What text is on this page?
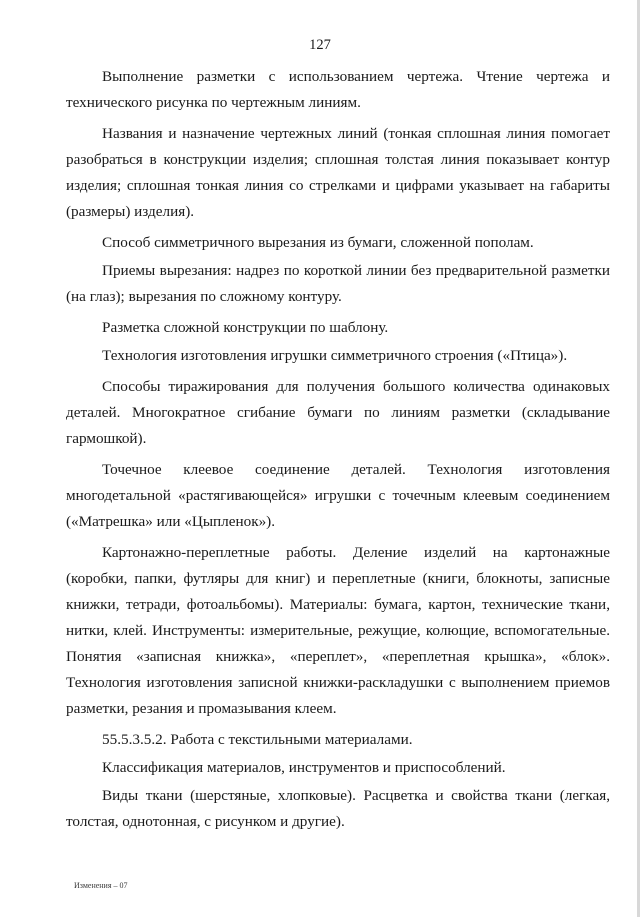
127

Выполнение разметки с использованием чертежа. Чтение чертежа и технического рисунка по чертежным линиям.

Названия и назначение чертежных линий (тонкая сплошная линия помогает разобраться в конструкции изделия; сплошная толстая линия показывает контур изделия; сплошная тонкая линия со стрелками и цифрами указывает на габариты (размеры) изделия).

Способ симметричного вырезания из бумаги, сложенной пополам.

Приемы вырезания: надрез по короткой линии без предварительной разметки (на глаз); вырезания по сложному контуру.

Разметка сложной конструкции по шаблону.

Технология изготовления игрушки симметричного строения («Птица»).

Способы тиражирования для получения большого количества одинаковых деталей. Многократное сгибание бумаги по линиям разметки (складывание гармошкой).

Точечное клеевое соединение деталей. Технология изготовления многодетальной «растягивающейся» игрушки с точечным клеевым соединением («Матрешка» или «Цыпленок»).

Картонажно-переплетные работы. Деление изделий на картонажные (коробки, папки, футляры для книг) и переплетные (книги, блокноты, записные книжки, тетради, фотоальбомы). Материалы: бумага, картон, технические ткани, нитки, клей. Инструменты: измерительные, режущие, колющие, вспомогательные. Понятия «записная книжка», «переплет», «переплетная крышка», «блок». Технология изготовления записной книжки-раскладушки с выполнением приемов разметки, резания и промазывания клеем.

55.5.3.5.2. Работа с текстильными материалами.

Классификация материалов, инструментов и приспособлений.

Виды ткани (шерстяные, хлопковые). Расцветка и свойства ткани (легкая, толстая, однотонная, с рисунком и другие).

Изменения – 07
